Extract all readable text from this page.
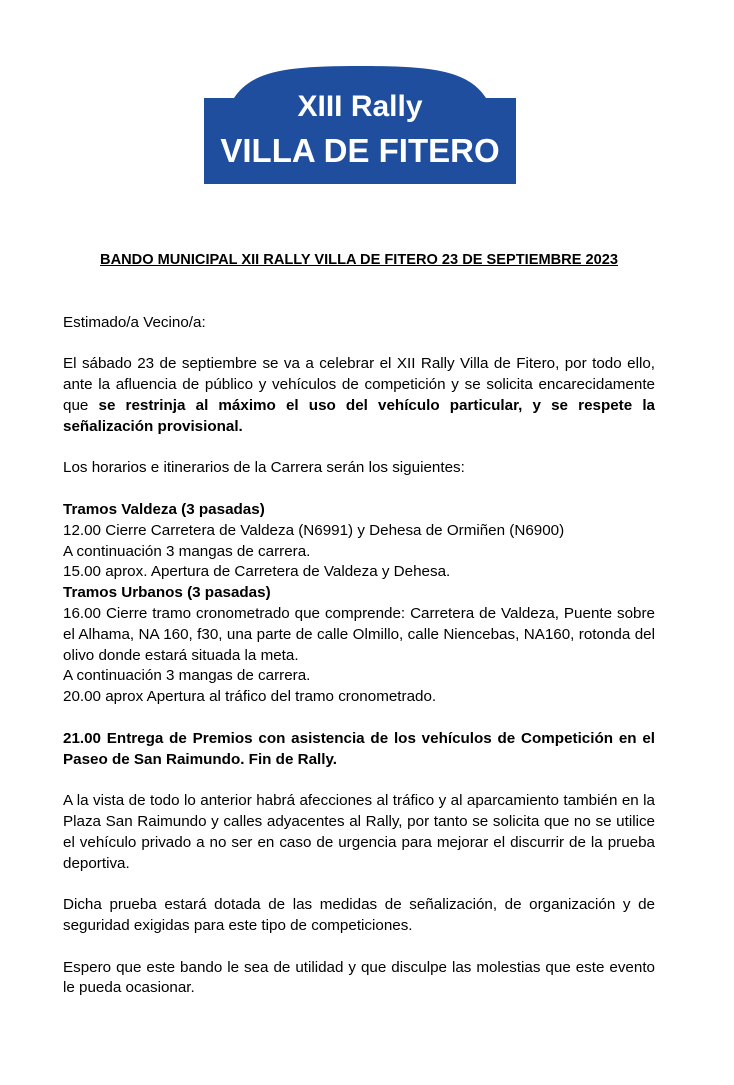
XIII Rally
VILLA DE FITERO

BANDO MUNICIPAL XII RALLY VILLA DE FITERO 23 DE SEPTIEMBRE 2023

Estimado/a Vecino/a:

El sábado 23 de septiembre se va a celebrar el XII Rally Villa de Fitero, por todo ello, ante la afluencia de público y vehículos de competición y se solicita encarecidamente que se restrinja al máximo el uso del vehículo particular, y se respete la señalización provisional.

Los horarios e itinerarios de la Carrera serán los siguientes:

Tramos Valdeza (3 pasadas)

12.00 Cierre Carretera de Valdeza (N6991) y Dehesa de Ormiñen (N6900)

A continuación 3 mangas de carrera.

15.00 aprox. Apertura de Carretera de Valdeza y Dehesa.

Tramos Urbanos (3 pasadas)

16.00 Cierre tramo cronometrado que comprende: Carretera de Valdeza, Puente sobre el Alhama, NA 160, f30, una parte de calle Olmillo, calle Niencebas, NA160, rotonda del olivo donde estará situada la meta.

A continuación 3 mangas de carrera.

20.00 aprox Apertura al tráfico del tramo cronometrado.

21.00 Entrega de Premios con asistencia de los vehículos de Competición en el Paseo de San Raimundo. Fin de Rally.

A la vista de todo lo anterior habrá afecciones al tráfico y al aparcamiento también en la Plaza San Raimundo y calles adyacentes al Rally, por tanto se solicita que no se utilice el vehículo privado a no ser en caso de urgencia para mejorar el discurrir de la prueba deportiva.

Dicha prueba estará dotada de las medidas de señalización, de organización y de seguridad exigidas para este tipo de competiciones.

Espero que este bando le sea de utilidad y que disculpe las molestias que este evento le pueda ocasionar.
